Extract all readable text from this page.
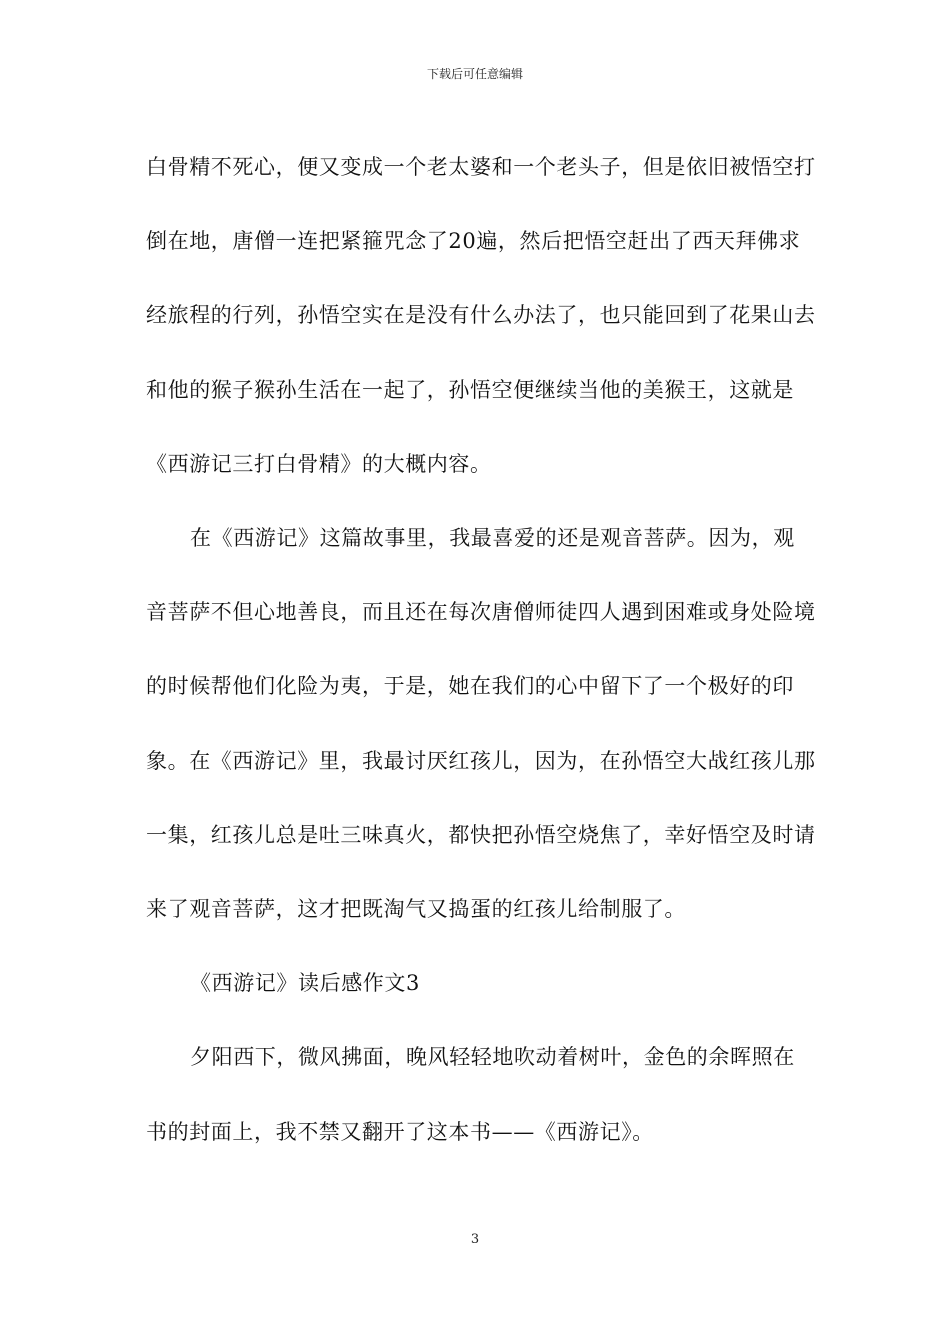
下载后可任意编辑

白骨精不死心，便又变成一个老太婆和一个老头子，但是依旧被悟空打倒在地，唐僧一连把紧箍咒念了20遍，然后把悟空赶出了西天拜佛求经旅程的行列，孙悟空实在是没有什么办法了，也只能回到了花果山去和他的猴子猴孙生活在一起了，孙悟空便继续当他的美猴王，这就是《西游记三打白骨精》的大概内容。

在《西游记》这篇故事里，我最喜爱的还是观音菩萨。因为，观音菩萨不但心地善良，而且还在每次唐僧师徒四人遇到困难或身处险境的时候帮他们化险为夷，于是，她在我们的心中留下了一个极好的印象。在《西游记》里，我最讨厌红孩儿，因为，在孙悟空大战红孩儿那一集，红孩儿总是吐三味真火，都快把孙悟空烧焦了，幸好悟空及时请来了观音菩萨，这才把既淘气又捣蛋的红孩儿给制服了。

《西游记》读后感作文3

夕阳西下，微风拂面，晚风轻轻地吹动着树叶，金色的余晖照在书的封面上，我不禁又翻开了这本书——《西游记》。

3
